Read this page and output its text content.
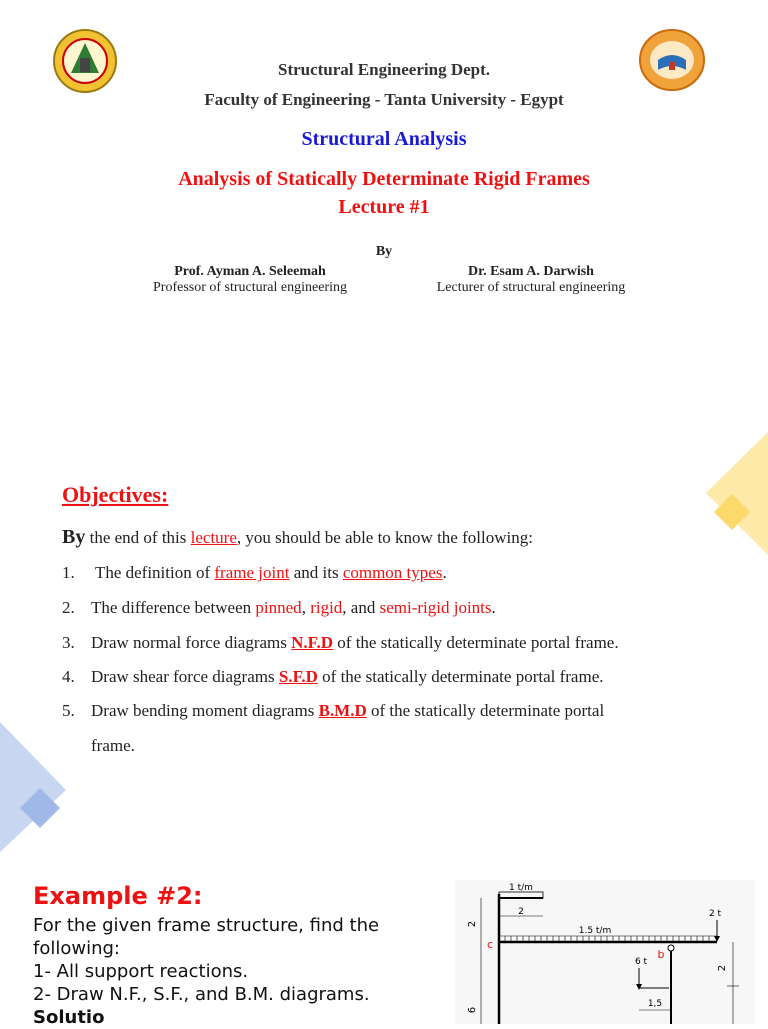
Structural Engineering Dept.
Faculty of Engineering - Tanta University - Egypt
Structural Analysis
Analysis of Statically Determinate Rigid Frames
Lecture #1
By
Prof. Ayman A. Seleemah
Professor of structural engineering
Dr. Esam A. Darwish
Lecturer of structural engineering
Objectives:
By the end of this lecture, you should be able to know the following:
1. The definition of frame joint and its common types.
2. The difference between pinned, rigid, and semi-rigid joints.
3. Draw normal force diagrams N.F.D of the statically determinate portal frame.
4. Draw shear force diagrams S.F.D of the statically determinate portal frame.
5. Draw bending moment diagrams B.M.D of the statically determinate portal
frame.
Example #2:
For the given frame structure, find the
following:
1- All support reactions.
2- Draw N.F., S.F., and B.M. diagrams.
Solutio
1 t/m
2
1.5 t/m
2 t
b
c
6 t
1,5
2
6
2
